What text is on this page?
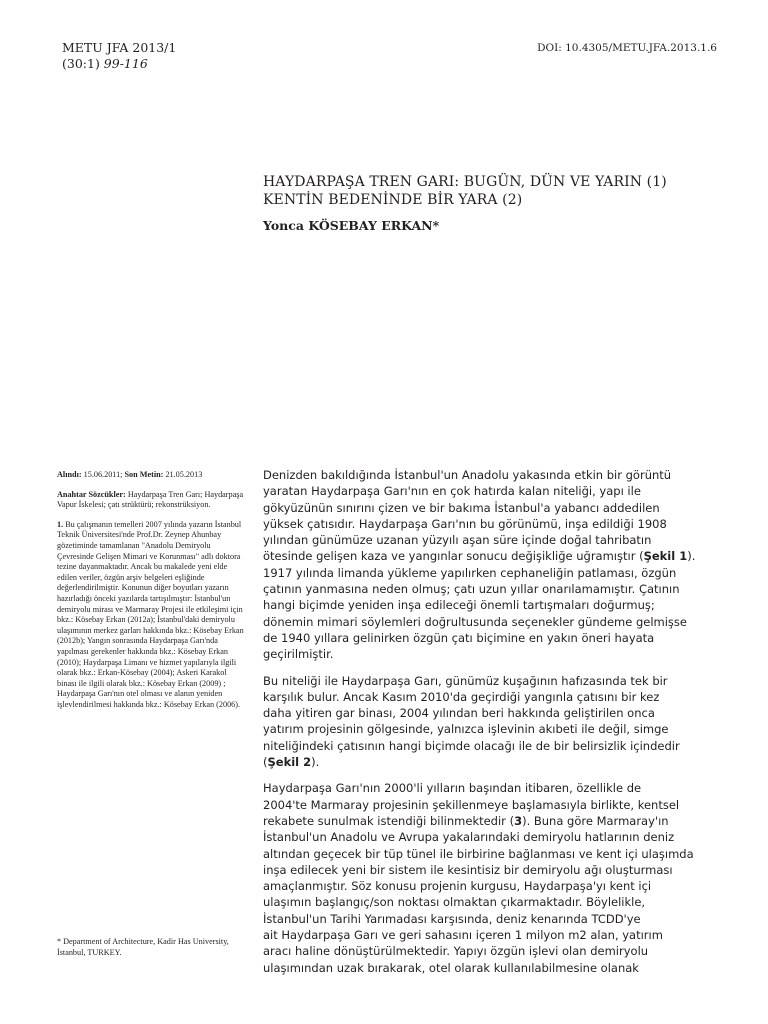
METU JFA 2013/1
(30:1) 99-116
DOI: 10.4305/METU.JFA.2013.1.6
HAYDARPAŞA TREN GARI: BUGÜN, DÜN VE YARIN (1)
KENTİN BEDENİNDE BİR YARA (2)
Yonca KÖSEBAY ERKAN*

Alındı: 15.06.2011; Son Metin: 21.05.2013

Anahtar Sözcükler: Haydarpaşa Tren Garı; Haydarpaşa Vapur İskelesi; çatı strüktürü; rekonstrüksiyon.

1. Bu çalışmanın temelleri 2007 yılında yazarın İstanbul Teknik Üniversitesi'nde Prof.Dr. Zeynep Ahunbay gözetiminde tamamlanan "Anadolu Demiryolu Çevresinde Gelişen Mimari ve Korunması" adlı doktora tezine dayanmaktadır. Ancak bu makalede yeni elde edilen veriler, özgün arşiv belgeleri eşliğinde değerlendirilmiştir. Konunun diğer boyutları yazarın hazırladığı önceki yazılarda tartışılmıştır: İstanbul'un demiryolu mirası ve Marmaray Projesi ile etkileşimi için bkz.: Kösebay Erkan (2012a); İstanbul'daki demiryolu ulaşımının merkez garları hakkında bkz.: Kösebay Erkan (2012b); Yangın sonrasında Haydarpaşa Garı'nda yapılması gerekenler hakkında bkz.: Kösebay Erkan (2010); Haydarpaşa Limanı ve hizmet yapılarıyla ilgili olarak bkz.: Erkan-Kösebay (2004); Askeri Karakol binası ile ilgili olarak bkz.: Kösebay Erkan (2009) ; Haydarpaşa Garı'nın otel olması ve alanın yeniden işlevlendirilmesi hakkında bkz.: Kösebay Erkan (2006).

* Department of Architecture, Kadir Has University, İstanbul, TURKEY.

Denizden bakıldığında İstanbul'un Anadolu yakasında etkin bir görüntü
yaratan Haydarpaşa Garı'nın en çok hatırda kalan niteliği, yapı ile
gökyüzünün sınırını çizen ve bir bakıma İstanbul'a yabancı addedilen
yüksek çatısıdır. Haydarpaşa Garı'nın bu görünümü, inşa edildiği 1908
yılından günümüze uzanan yüzyılı aşan süre içinde doğal tahribatın
ötesinde gelişen kaza ve yangınlar sonucu değişikliğe uğramıştır (Şekil 1).
1917 yılında limanda yükleme yapılırken cephaneliğin patlaması, özgün
çatının yanmasına neden olmuş; çatı uzun yıllar onarılamamıştır. Çatının
hangi biçimde yeniden inşa edileceği önemli tartışmaları doğurmuş;
dönemin mimari söylemleri doğrultusunda seçenekler gündeme gelmişse
de 1940 yıllara gelinirken özgün çatı biçimine en yakın öneri hayata
geçirilmiştir.

Bu niteliği ile Haydarpaşa Garı, günümüz kuşağının hafızasında tek bir
karşılık bulur. Ancak Kasım 2010'da geçirdiği yangınla çatısını bir kez
daha yitiren gar binası, 2004 yılından beri hakkında geliştirilen onca
yatırım projesinin gölgesinde, yalnızca işlevinin akıbeti ile değil, simge
niteliğindeki çatısının hangi biçimde olacağı ile de bir belirsizlik içindedir
(Şekil 2).

Haydarpaşa Garı'nın 2000'li yılların başından itibaren, özellikle de
2004'te Marmaray projesinin şekillenmeye başlamasıyla birlikte, kentsel
rekabete sunulmak istendiği bilinmektedir (3). Buna göre Marmaray'ın
İstanbul'un Anadolu ve Avrupa yakalarındaki demiryolu hatlarının deniz
altından geçecek bir tüp tünel ile birbirine bağlanması ve kent içi ulaşımda
inşa edilecek yeni bir sistem ile kesintisiz bir demiryolu ağı oluşturması
amaçlanmıştır. Söz konusu projenin kurgusu, Haydarpaşa'yı kent içi
ulaşımın başlangıç/son noktası olmaktan çıkarmaktadır. Böylelikle,
İstanbul'un Tarihi Yarımadası karşısında, deniz kenarında TCDD'ye
ait Haydarpaşa Garı ve geri sahasını içeren 1 milyon m2 alan, yatırım
aracı haline dönüştürülmektedir. Yapıyı özgün işlevi olan demiryolu
ulaşımından uzak bırakarak, otel olarak kullanılabilmesine olanak
